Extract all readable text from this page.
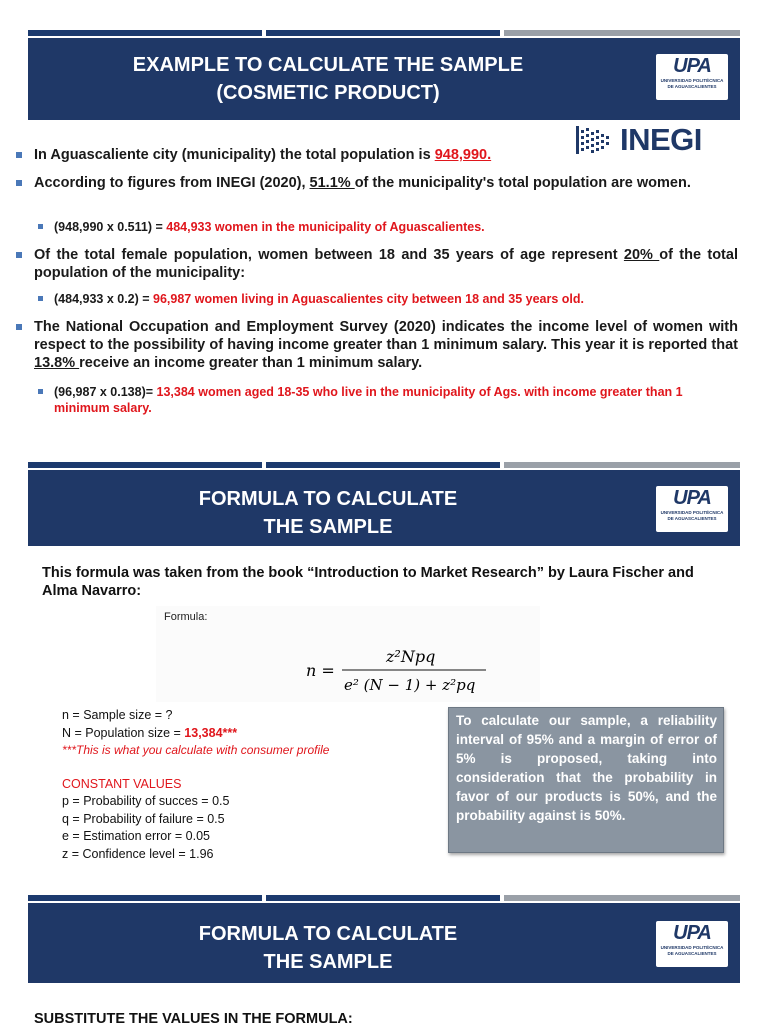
EXAMPLE TO CALCULATE THE SAMPLE
(COSMETIC PRODUCT)
UPA
UNIVERSIDAD POLITÉCNICA
DE AGUASCALIENTES
INEGI
In Aguascaliente city (municipality) the total population is 948,990.
According to figures from INEGI (2020), 51.1% of the municipality's total population are women.
(948,990 x 0.511) = 484,933 women in the municipality of Aguascalientes.
Of the total female population, women between 18 and 35 years of age represent 20% of the total population of the municipality:
(484,933 x 0.2) = 96,987 women living in Aguascalientes city between 18 and 35 years old.
The National Occupation and Employment Survey (2020) indicates the income level of women with respect to the possibility of having income greater than 1 minimum salary. This year it is reported that 13.8% receive an income greater than 1 minimum salary.
(96,987 x 0.138)= 13,384 women aged 18-35 who live in the municipality of Ags. with income greater than 1 minimum salary.
FORMULA TO CALCULATE
THE SAMPLE
UPA
UNIVERSIDAD POLITÉCNICA
DE AGUASCALIENTES
This formula was taken from the book “Introduction to Market Research” by Laura Fischer and Alma Navarro:
Formula:
n =
z²Npq
e² (N − 1) + z²pq
n = Sample size = ?
N = Population size = 13,384***
***This is what you calculate with consumer profile
CONSTANT VALUES
p = Probability of succes = 0.5
q = Probability of failure = 0.5
e = Estimation error = 0.05
z = Confidence level = 1.96
To calculate our sample, a reliability interval of 95% and a margin of error of 5% is proposed, taking into consideration that the probability in favor of our products is 50%, and the probability against is 50%.
FORMULA TO CALCULATE
THE SAMPLE
UPA
UNIVERSIDAD POLITÉCNICA
DE AGUASCALIENTES
SUBSTITUTE THE VALUES IN THE FORMULA:
